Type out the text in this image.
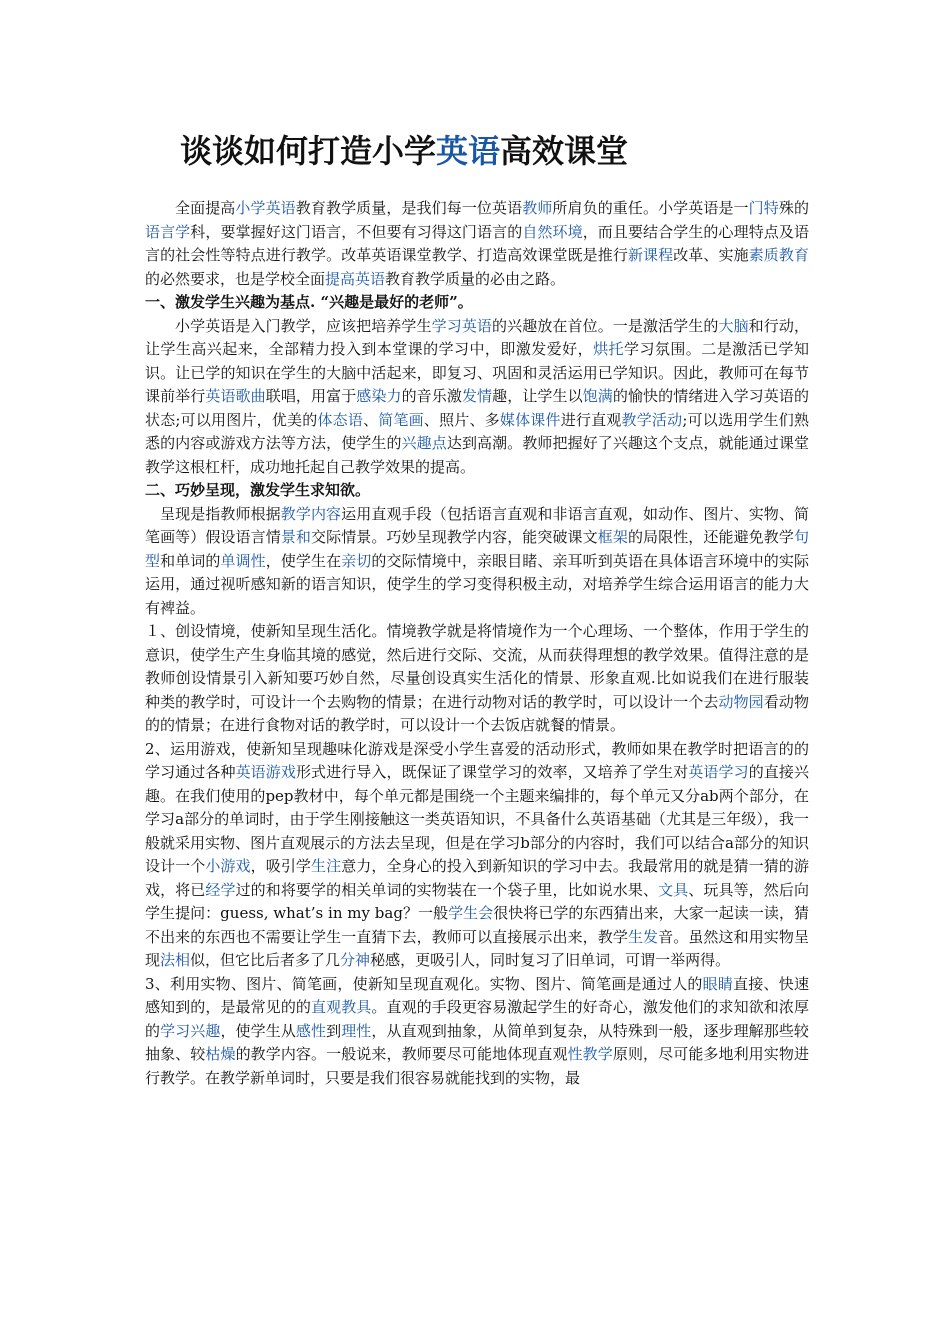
谈谈如何打造小学英语高效课堂

全面提高小学英语教育教学质量，是我们每一位英语教师所肩负的重任。小学英语是一门特殊的语言学科，要掌握好这门语言，不但要有习得这门语言的自然环境，而且要结合学生的心理特点及语言的社会性等特点进行教学。改革英语课堂教学、打造高效课堂既是推行新课程改革、实施素质教育的必然要求，也是学校全面提高英语教育教学质量的必由之路。

一、激发学生兴趣为基点. “兴趣是最好的老师”。

小学英语是入门教学，应该把培养学生学习英语的兴趣放在首位。一是激活学生的大脑和行动，让学生高兴起来，全部精力投入到本堂课的学习中，即激发爱好，烘托学习氛围。二是激活已学知识。让已学的知识在学生的大脑中活起来，即复习、巩固和灵活运用已学知识。因此，教师可在每节课前举行英语歌曲联唱，用富于感染力的音乐激发情趣，让学生以饱满的愉快的情绪进入学习英语的状态;可以用图片，优美的体态语、简笔画、照片、多媒体课件进行直观教学活动;可以选用学生们熟悉的内容或游戏方法等方法，使学生的兴趣点达到高潮。教师把握好了兴趣这个支点，就能通过课堂教学这根杠杆，成功地托起自己教学效果的提高。

二、巧妙呈现，激发学生求知欲。

呈现是指教师根据教学内容运用直观手段（包括语言直观和非语言直观，如动作、图片、实物、简笔画等）假设语言情景和交际情景。巧妙呈现教学内容，能突破课文框架的局限性，还能避免教学句型和单词的单调性，使学生在亲切的交际情境中，亲眼目睹、亲耳听到英语在具体语言环境中的实际运用，通过视听感知新的语言知识，使学生的学习变得积极主动，对培养学生综合运用语言的能力大有裨益。

１、创设情境，使新知呈现生活化。情境教学就是将情境作为一个心理场、一个整体，作用于学生的意识，使学生产生身临其境的感觉，然后进行交际、交流，从而获得理想的教学效果。值得注意的是教师创设情景引入新知要巧妙自然，尽量创设真实生活化的情景、形象直观.比如说我们在进行服装种类的教学时，可设计一个去购物的情景；在进行动物对话的教学时，可以设计一个去动物园看动物的的情景；在进行食物对话的教学时，可以设计一个去饭店就餐的情景。

2、运用游戏，使新知呈现趣味化游戏是深受小学生喜爱的活动形式，教师如果在教学时把语言的的学习通过各种英语游戏形式进行导入，既保证了课堂学习的效率，又培养了学生对英语学习的直接兴趣。在我们使用的pep教材中，每个单元都是围绕一个主题来编排的，每个单元又分ab两个部分，在学习a部分的单词时，由于学生刚接触这一类英语知识，不具备什么英语基础（尤其是三年级），我一般就采用实物、图片直观展示的方法去呈现，但是在学习b部分的内容时，我们可以结合a部分的知识设计一个小游戏，吸引学生注意力，全身心的投入到新知识的学习中去。我最常用的就是猜一猜的游戏，将已经学过的和将要学的相关单词的实物装在一个袋子里，比如说水果、文具、玩具等，然后向学生提问：guess, what’s in my bag？一般学生会很快将已学的东西猜出来，大家一起读一读，猜不出来的东西也不需要让学生一直猜下去，教师可以直接展示出来，教学生发音。虽然这和用实物呈现法相似，但它比后者多了几分神秘感，更吸引人，同时复习了旧单词，可谓一举两得。

3、利用实物、图片、简笔画，使新知呈现直观化。实物、图片、简笔画是通过人的眼睛直接、快速感知到的，是最常见的的直观教具。直观的手段更容易激起学生的好奇心，激发他们的求知欲和浓厚的学习兴趣，使学生从感性到理性，从直观到抽象，从简单到复杂，从特殊到一般，逐步理解那些较抽象、较枯燥的教学内容。一般说来，教师要尽可能地体现直观性教学原则，尽可能多地利用实物进行教学。在教学新单词时，只要是我们很容易就能找到的实物，最
